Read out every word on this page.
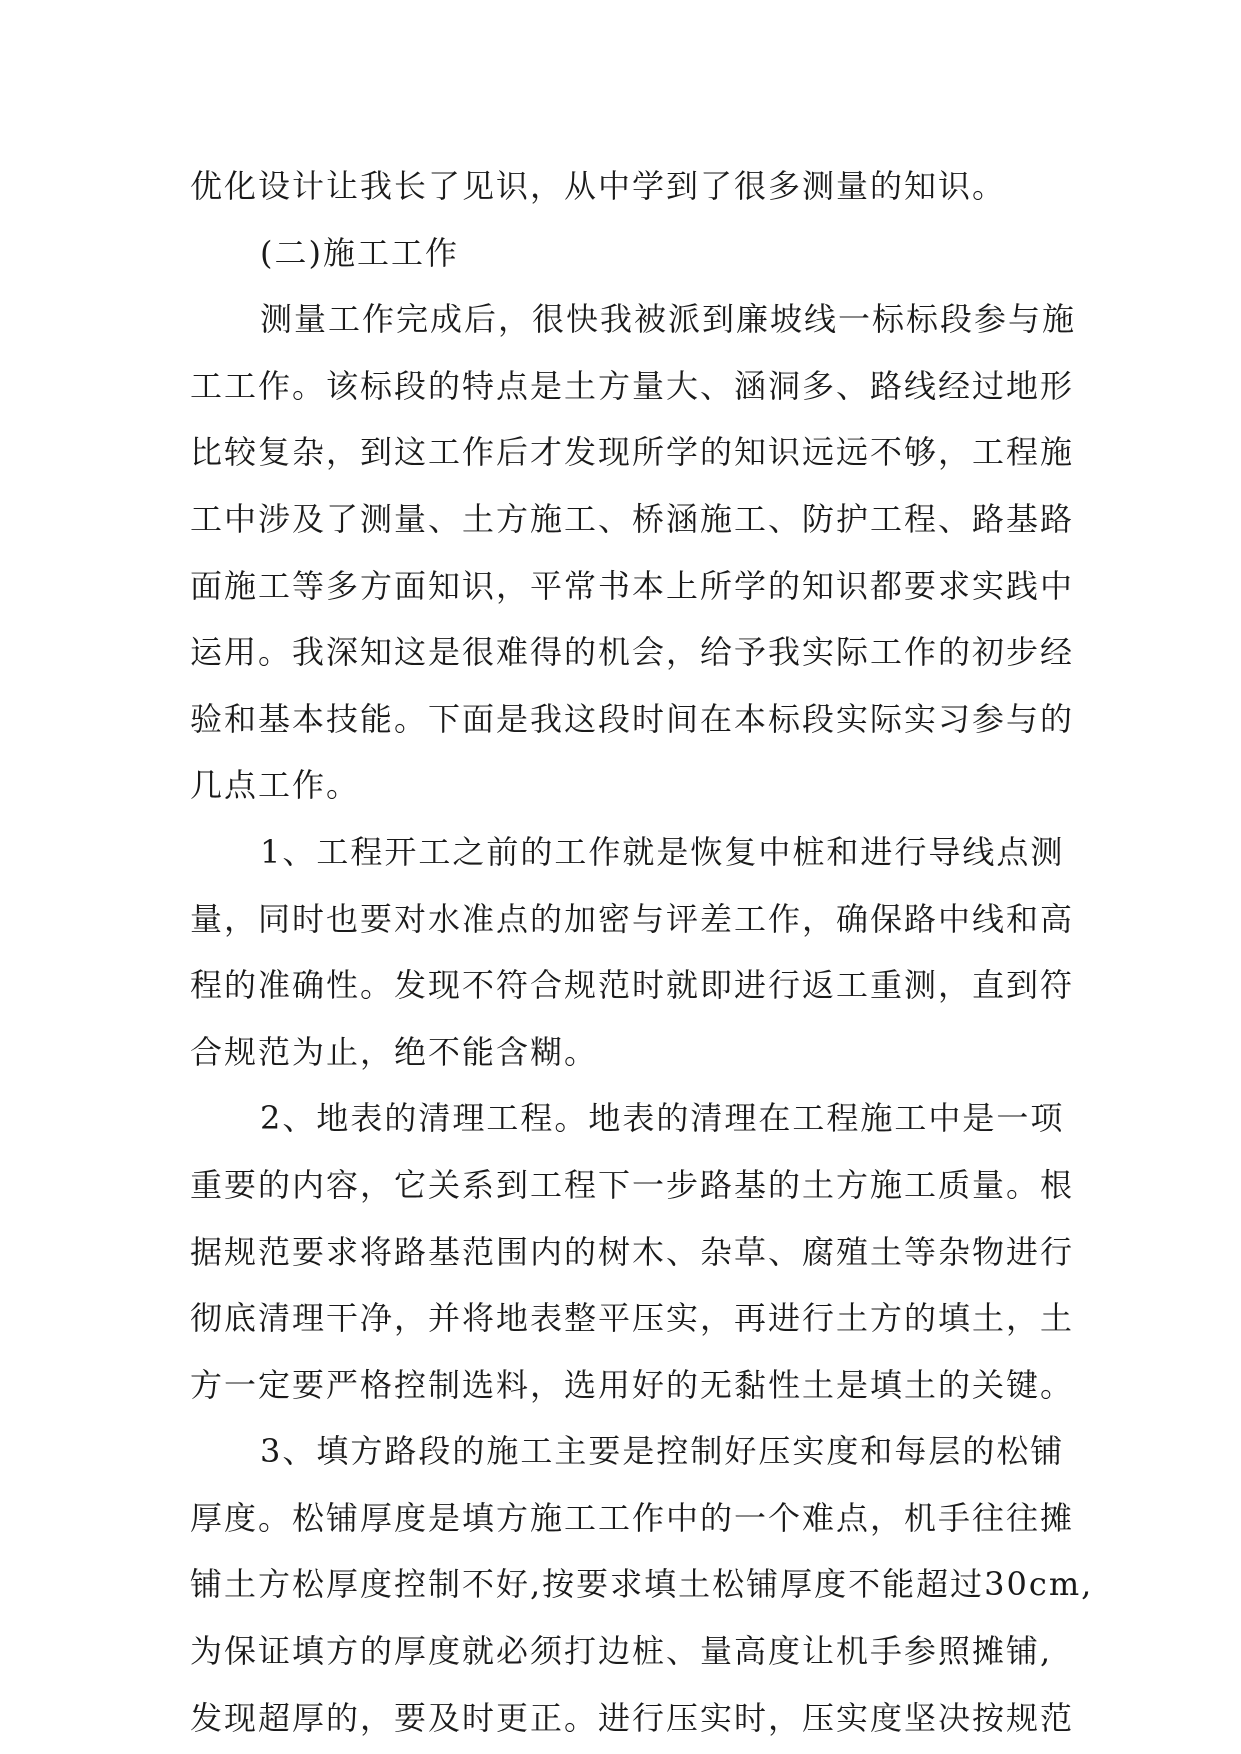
优化设计让我长了见识，从中学到了很多测量的知识。
(二)施工工作
测量工作完成后，很快我被派到廉坡线一标标段参与施
工工作。该标段的特点是土方量大、涵洞多、路线经过地形
比较复杂，到这工作后才发现所学的知识远远不够，工程施
工中涉及了测量、土方施工、桥涵施工、防护工程、路基路
面施工等多方面知识，平常书本上所学的知识都要求实践中
运用。我深知这是很难得的机会，给予我实际工作的初步经
验和基本技能。下面是我这段时间在本标段实际实习参与的
几点工作。
1、工程开工之前的工作就是恢复中桩和进行导线点测
量，同时也要对水准点的加密与评差工作，确保路中线和高
程的准确性。发现不符合规范时就即进行返工重测，直到符
合规范为止，绝不能含糊。
2、地表的清理工程。地表的清理在工程施工中是一项
重要的内容，它关系到工程下一步路基的土方施工质量。根
据规范要求将路基范围内的树木、杂草、腐殖土等杂物进行
彻底清理干净，并将地表整平压实，再进行土方的填土，土
方一定要严格控制选料，选用好的无黏性土是填土的关键。
3、填方路段的施工主要是控制好压实度和每层的松铺
厚度。松铺厚度是填方施工工作中的一个难点，机手往往摊
铺土方松厚度控制不好,按要求填土松铺厚度不能超过30cm,
为保证填方的厚度就必须打边桩、量高度让机手参照摊铺,
发现超厚的，要及时更正。进行压实时，压实度坚决按规范
